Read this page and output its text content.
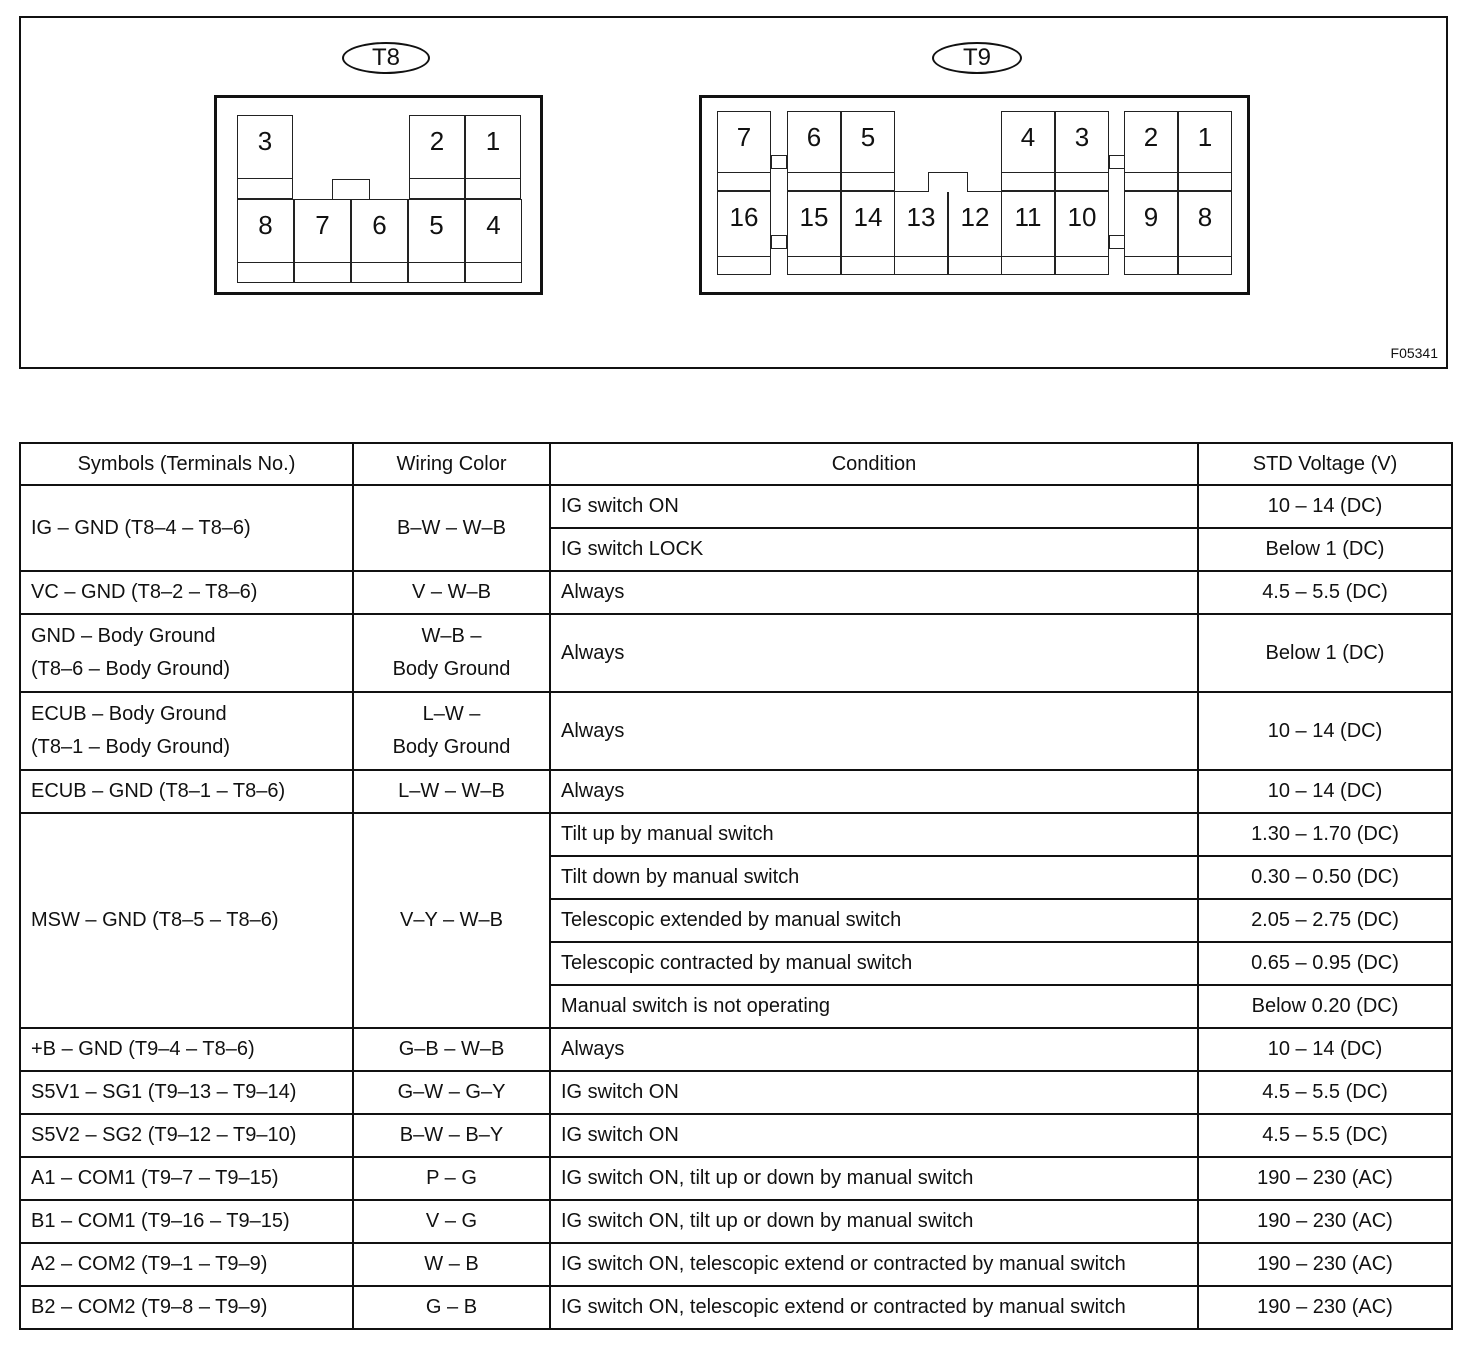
F05341
T8	T9
3	2	1
8	7	6	5	4
7	6	5	4	3	2	1
16	15 14 13 12 11	10	9	8
Symbols (Terminals No.)	Wiring Color	Condition	STD Voltage (V)

IG – GND (T8–4 – T8–6)	B–W – W–B	IG switch ON	10 – 14 (DC)
		IG switch LOCK	Below 1 (DC)

VC – GND (T8–2 – T8–6)	V – W–B	Always	4.5 – 5.5 (DC)

GND – Body Ground
(T8–6 – Body Ground)	W–B –
Body Ground	Always	Below 1 (DC)

ECUB – Body Ground
(T8–1 – Body Ground)	L–W –
Body Ground	Always	10 – 14 (DC)

ECUB – GND (T8–1 – T8–6)	L–W – W–B	Always	10 – 14 (DC)

MSW – GND (T8–5 – T8–6)	V–Y – W–B	Tilt up by manual switch	1.30 – 1.70 (DC)
		Tilt down by manual switch	0.30 – 0.50 (DC)
		Telescopic extended by manual switch	2.05 – 2.75 (DC)
		Telescopic contracted by manual switch	0.65 – 0.95 (DC)
		Manual switch is not operating	Below 0.20 (DC)

+B – GND (T9–4 – T8–6)	G–B – W–B	Always	10 – 14 (DC)

S5V1 – SG1 (T9–13 – T9–14)	G–W – G–Y	IG switch ON	4.5 – 5.5 (DC)

S5V2 – SG2 (T9–12 – T9–10)	B–W – B–Y	IG switch ON	4.5 – 5.5 (DC)

A1 – COM1 (T9–7 – T9–15)	P – G	IG switch ON, tilt up or down by manual switch	190 – 230 (AC)

B1 – COM1 (T9–16 – T9–15)	V – G	IG switch ON, tilt up or down by manual switch	190 – 230 (AC)

A2 – COM2 (T9–1 – T9–9)	W – B	IG switch ON, telescopic extend or contracted by manual switch	190 – 230 (AC)

B2 – COM2 (T9–8 – T9–9)	G – B	IG switch ON, telescopic extend or contracted by manual switch	190 – 230 (AC)
